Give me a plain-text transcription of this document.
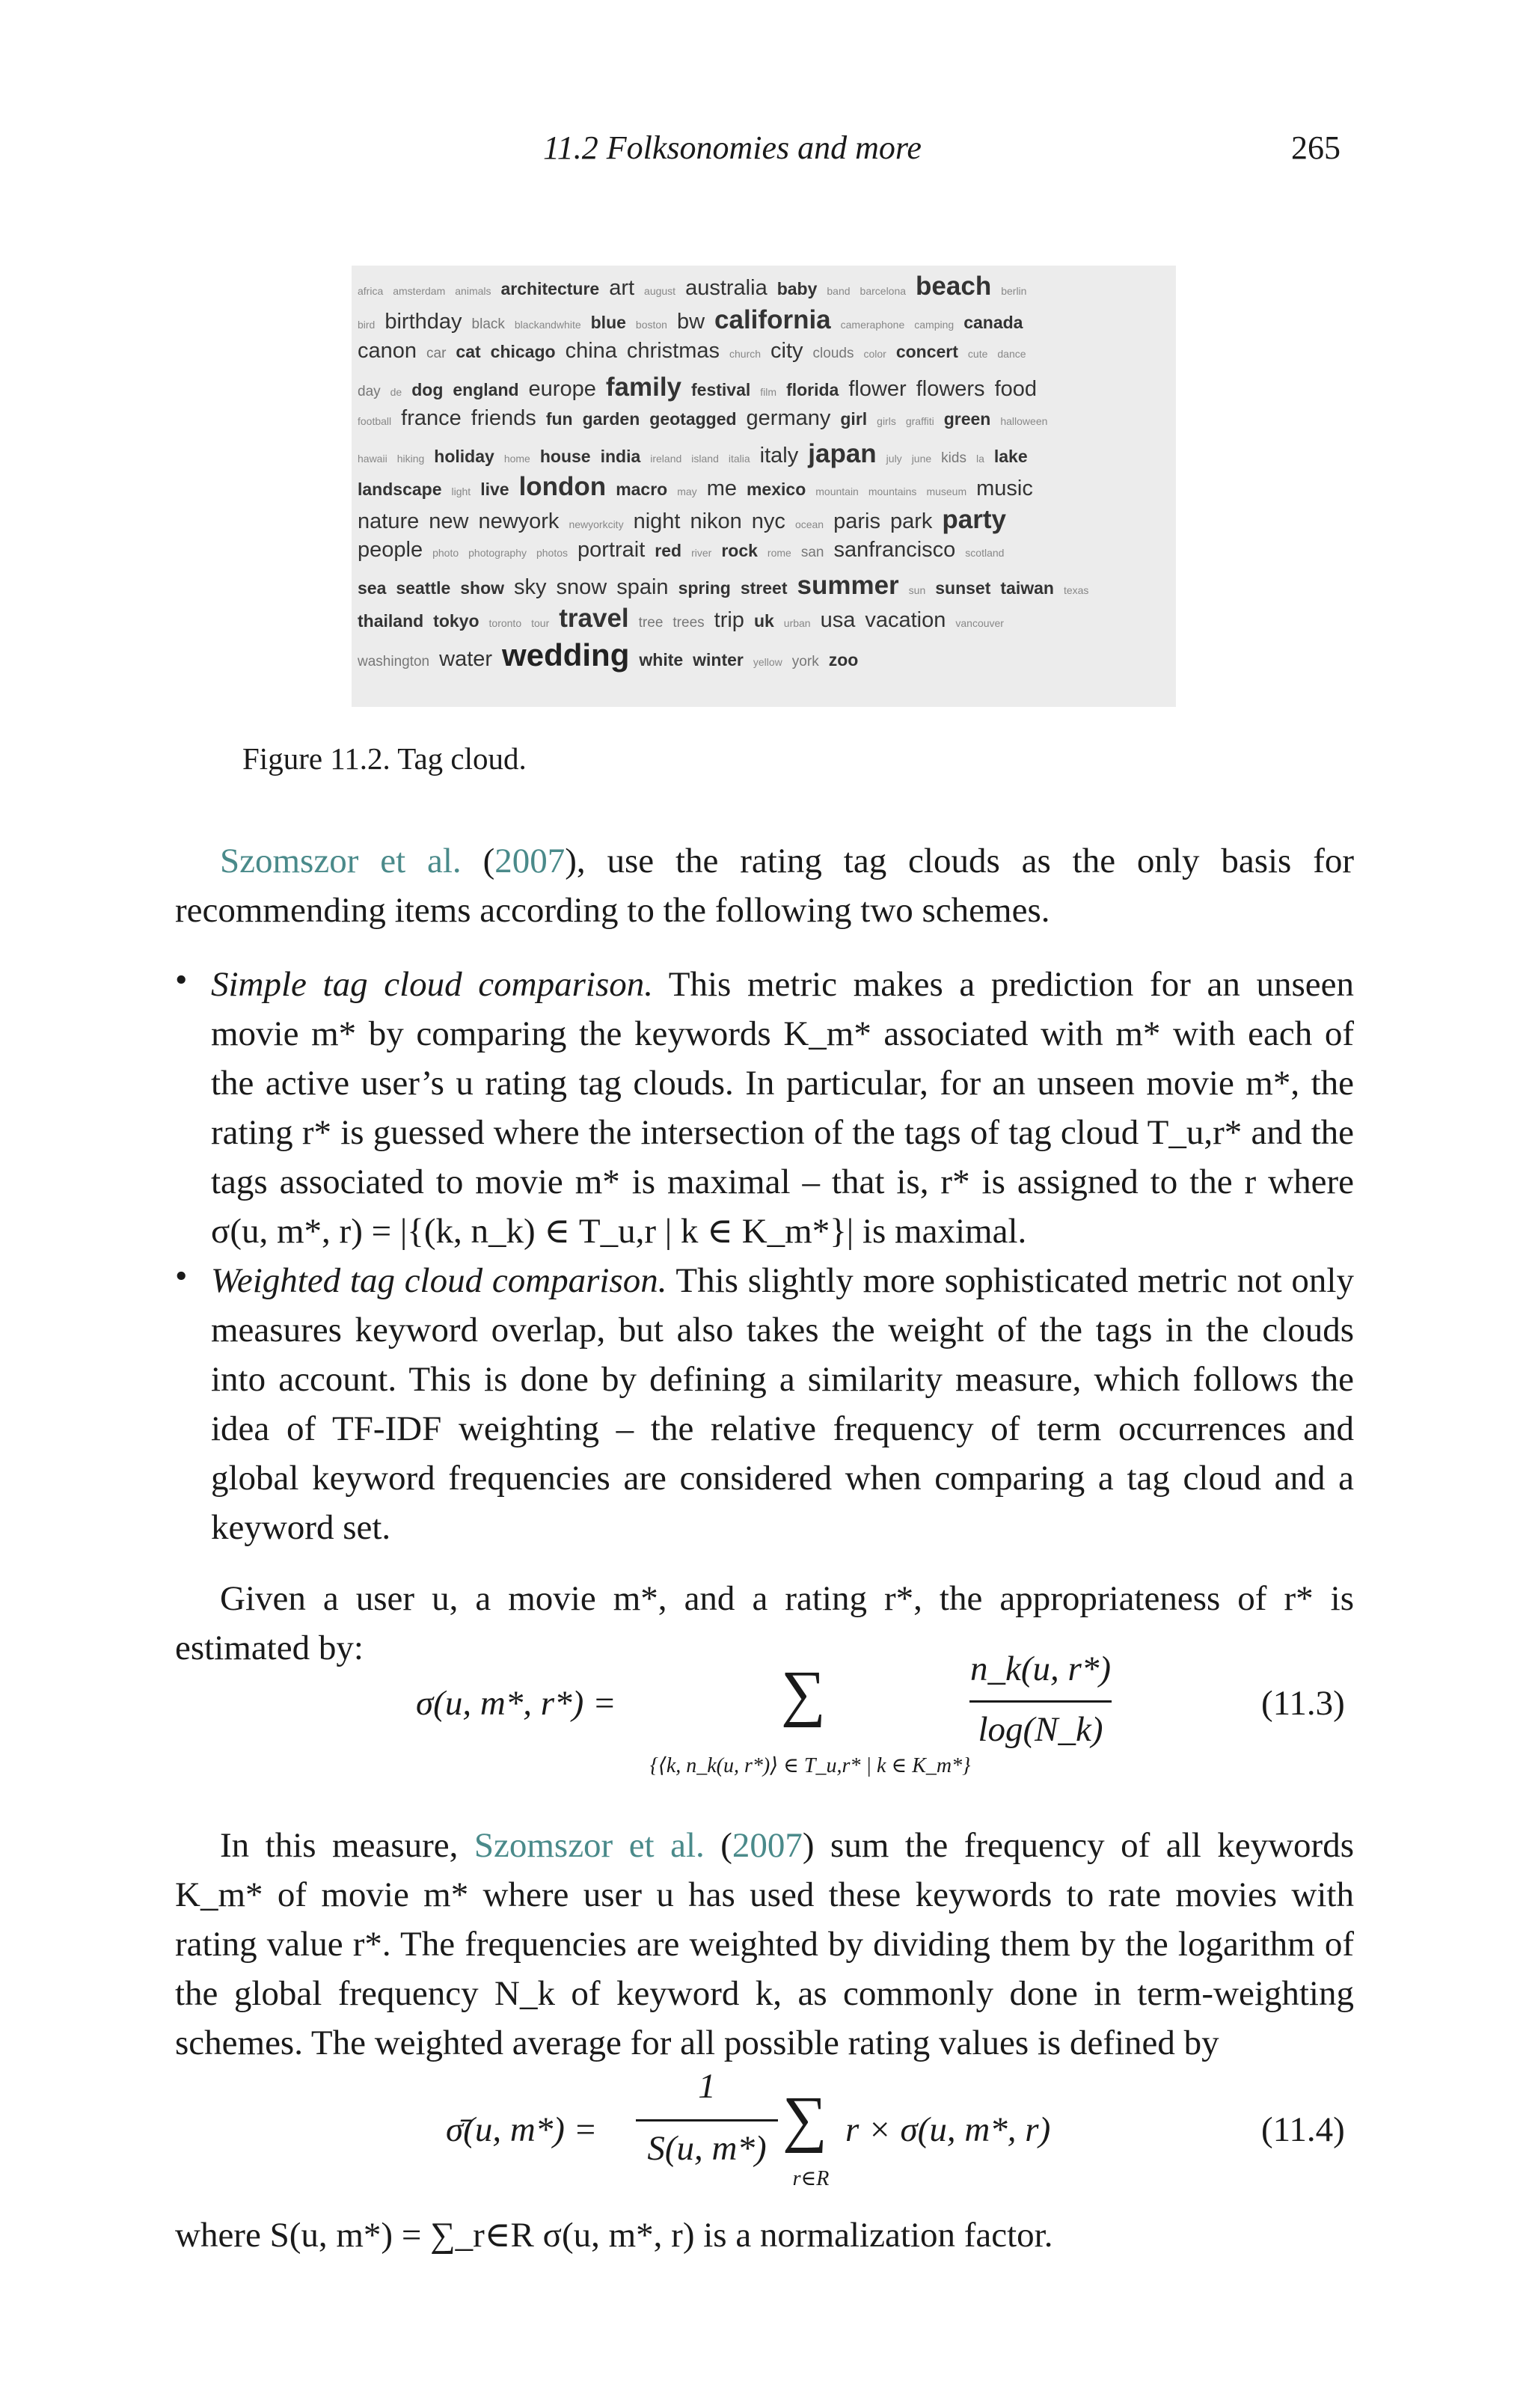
11.2 Folksonomies and more	265
africa amsterdam animals architecture art august australia baby band barcelona beach berlin
bird birthday black blackandwhite blue boston bw california cameraphone camping canada
canon car cat chicago china christmas church city clouds color concert cute dance
day de dog england europe family festival film florida flower flowers food
football france friends fun garden geotagged germany girl girls graffiti green halloween
hawaii hiking holiday home house india ireland island italia italy japan july june kids la lake
landscape light live london macro may me mexico mountain mountains museum music
nature new newyork newyorkcity night nikon nyc ocean paris park party
people photo photography photos portrait red river rock rome san sanfrancisco scotland
sea seattle show sky snow spain spring street summer sun sunset taiwan texas
thailand tokyo toronto tour travel tree trees trip uk urban usa vacation vancouver
washington water wedding white winter yellow york zoo
Figure 11.2. Tag cloud.
Szomszor et al. (2007), use the rating tag clouds as the only basis for recommending items according to the following two schemes.
• Simple tag cloud comparison. This metric makes a prediction for an unseen movie m* by comparing the keywords K_m* associated with m* with each of the active user’s u rating tag clouds. In particular, for an unseen movie m*, the rating r* is guessed where the intersection of the tags of tag cloud T_u,r* and the tags associated to movie m* is maximal – that is, r* is assigned to the r where σ(u, m*, r) = |{(k, n_k) ∈ T_u,r | k ∈ K_m*}| is maximal.
• Weighted tag cloud comparison. This slightly more sophisticated metric not only measures keyword overlap, but also takes the weight of the tags in the clouds into account. This is done by defining a similarity measure, which follows the idea of TF-IDF weighting – the relative frequency of term occurrences and global keyword frequencies are considered when comparing a tag cloud and a keyword set.
Given a user u, a movie m*, and a rating r*, the appropriateness of r* is estimated by:
σ(u, m*, r*) =	∑
{⟨k, n_k(u, r*)⟩ ∈ T_u,r* | k ∈ K_m*}
n_k(u, r*)
log(N_k)
(11.3)
In this measure, Szomszor et al. (2007) sum the frequency of all keywords K_m* of movie m* where user u has used these keywords to rate movies with rating value r*. The frequencies are weighted by dividing them by the logarithm of the global frequency N_k of keyword k, as commonly done in term-weighting schemes. The weighted average for all possible rating values is defined by
σ̄(u, m*) =
1
S(u, m*) ∑
r∈R
r × σ(u, m*, r)	(11.4)
where S(u, m*) = ∑_r∈R σ(u, m*, r) is a normalization factor.
